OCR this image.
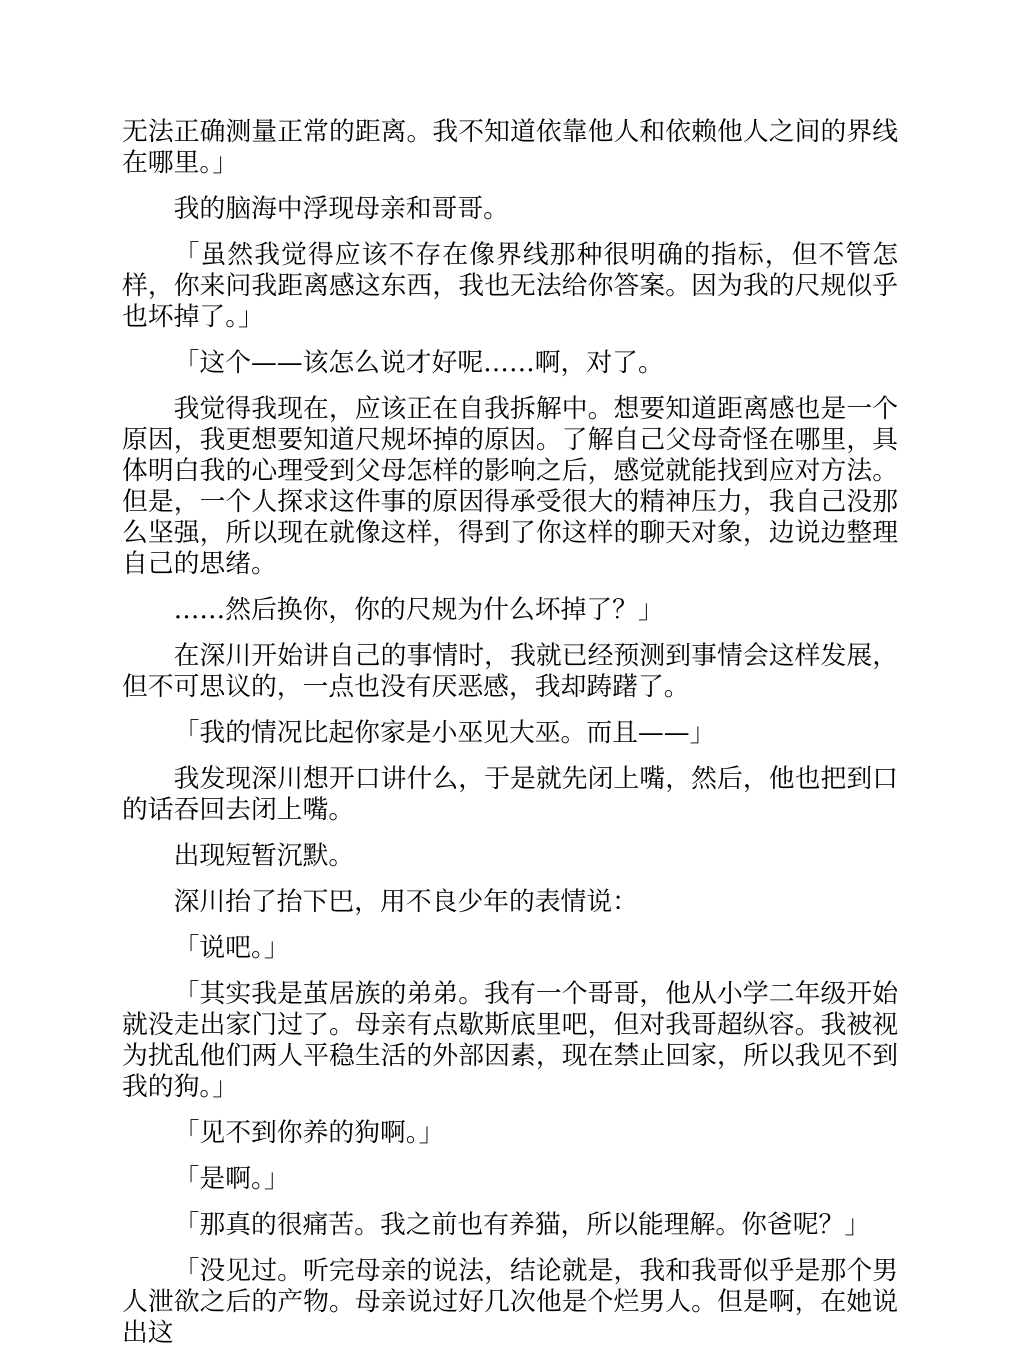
无法正确测量正常的距离。我不知道依靠他人和依赖他人之间的界线在哪里。」

我的脑海中浮现母亲和哥哥。

「虽然我觉得应该不存在像界线那种很明确的指标，但不管怎样，你来问我距离感这东西，我也无法给你答案。因为我的尺规似乎也坏掉了。」

「这个——该怎么说才好呢……啊，对了。

我觉得我现在，应该正在自我拆解中。想要知道距离感也是一个原因，我更想要知道尺规坏掉的原因。了解自己父母奇怪在哪里，具体明白我的心理受到父母怎样的影响之后，感觉就能找到应对方法。但是，一个人探求这件事的原因得承受很大的精神压力，我自己没那么坚强，所以现在就像这样，得到了你这样的聊天对象，边说边整理自己的思绪。

……然后换你，你的尺规为什么坏掉了？」

在深川开始讲自己的事情时，我就已经预测到事情会这样发展，但不可思议的，一点也没有厌恶感，我却踌躇了。

「我的情况比起你家是小巫见大巫。而且——」

我发现深川想开口讲什么，于是就先闭上嘴，然后，他也把到口的话吞回去闭上嘴。

出现短暂沉默。

深川抬了抬下巴，用不良少年的表情说：

「说吧。」

「其实我是茧居族的弟弟。我有一个哥哥，他从小学二年级开始就没走出家门过了。母亲有点歇斯底里吧，但对我哥超纵容。我被视为扰乱他们两人平稳生活的外部因素，现在禁止回家，所以我见不到我的狗。」

「见不到你养的狗啊。」

「是啊。」

「那真的很痛苦。我之前也有养猫，所以能理解。你爸呢？」

「没见过。听完母亲的说法，结论就是，我和我哥似乎是那个男人泄欲之后的产物。母亲说过好几次他是个烂男人。但是啊，在她说出这
